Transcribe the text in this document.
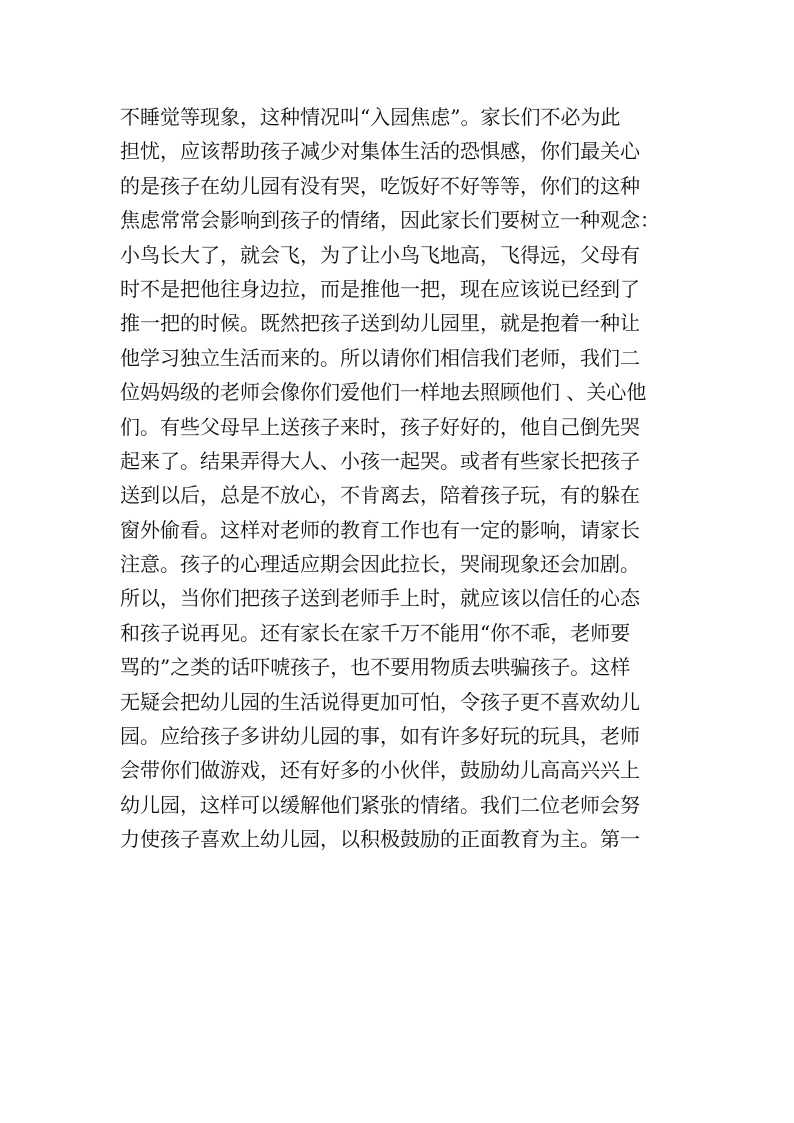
不睡觉等现象，这种情况叫“入园焦虑”。家长们不必为此
担忧，应该帮助孩子减少对集体生活的恐惧感，你们最关心
的是孩子在幼儿园有没有哭，吃饭好不好等等，你们的这种
焦虑常常会影响到孩子的情绪，因此家长们要树立一种观念：
小鸟长大了，就会飞，为了让小鸟飞地高，飞得远，父母有
时不是把他往身边拉，而是推他一把，现在应该说已经到了
推一把的时候。既然把孩子送到幼儿园里，就是抱着一种让
他学习独立生活而来的。所以请你们相信我们老师，我们二
位妈妈级的老师会像你们爱他们一样地去照顾他们 、关心他
们。有些父母早上送孩子来时，孩子好好的，他自己倒先哭
起来了。结果弄得大人、小孩一起哭。或者有些家长把孩子
送到以后，总是不放心，不肯离去，陪着孩子玩，有的躲在
窗外偷看。这样对老师的教育工作也有一定的影响，请家长
注意。孩子的心理适应期会因此拉长，哭闹现象还会加剧。
所以，当你们把孩子送到老师手上时，就应该以信任的心态
和孩子说再见。还有家长在家千万不能用“你不乖，老师要
骂的”之类的话吓唬孩子，也不要用物质去哄骗孩子。这样
无疑会把幼儿园的生活说得更加可怕，令孩子更不喜欢幼儿
园。应给孩子多讲幼儿园的事，如有许多好玩的玩具，老师
会带你们做游戏，还有好多的小伙伴，鼓励幼儿高高兴兴上
幼儿园，这样可以缓解他们紧张的情绪。我们二位老师会努
力使孩子喜欢上幼儿园，以积极鼓励的正面教育为主。第一
